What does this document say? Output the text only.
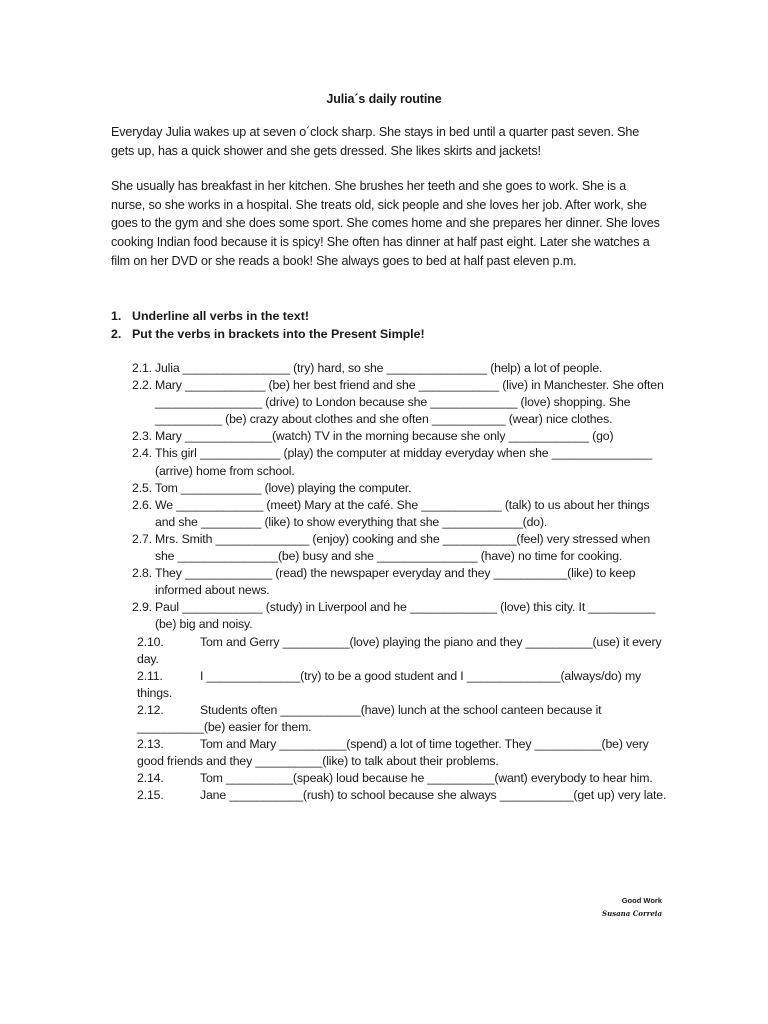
Julia´s daily routine

Everyday Julia wakes up at seven o´clock sharp. She stays in bed until a quarter past seven. She gets up, has a quick shower and she gets dressed. She likes skirts and jackets!

She usually has breakfast in her kitchen. She brushes her teeth and she goes to work. She is a nurse, so she works in a hospital. She treats old, sick people and she loves her job. After work, she goes to the gym and she does some sport. She comes home and she prepares her dinner. She loves cooking Indian food because it is spicy! She often has dinner at half past eight. Later she watches a film on her DVD or she reads a book! She always goes to bed at half past eleven p.m.

1. Underline all verbs in the text!
2. Put the verbs in brackets into the Present Simple!
2.1. Julia ________________ (try) hard, so she _______________ (help) a lot of people.
2.2. Mary ____________ (be) her best friend and she ____________ (live) in Manchester. She often ________________ (drive) to London because she _____________ (love) shopping. She __________ (be) crazy about clothes and she often ___________ (wear) nice clothes.
2.3. Mary _____________(watch) TV in the morning because she only ____________ (go)
2.4. This girl ____________ (play) the computer at midday everyday when she _______________ (arrive) home from school.
2.5. Tom ____________ (love) playing the computer.
2.6. We _____________ (meet) Mary at the café. She ____________ (talk) to us about her things and she _________ (like) to show everything that she ____________(do).
2.7. Mrs. Smith ______________ (enjoy) cooking and she ___________(feel) very stressed when she _______________(be) busy and she _______________ (have) no time for cooking.
2.8. They _____________ (read) the newspaper everyday and they ___________(like) to keep informed about news.
2.9. Paul ____________ (study) in Liverpool and he _____________ (love) this city. It __________ (be) big and noisy.
2.10.	Tom and Gerry __________(love) playing the piano and they __________(use) it every day.
2.11.	I ______________(try) to be a good student and I ______________(always/do) my things.
2.12.	Students often ____________(have) lunch at the school canteen because it __________(be) easier for them.
2.13.	Tom and Mary __________(spend) a lot of time together. They __________(be) very good friends and they __________(like) to talk about their problems.
2.14.	Tom __________(speak) loud because he __________(want) everybody to hear him.
2.15.	Jane ___________(rush) to school because she always ___________(get up) very late.
Good Work
Susana Correia
